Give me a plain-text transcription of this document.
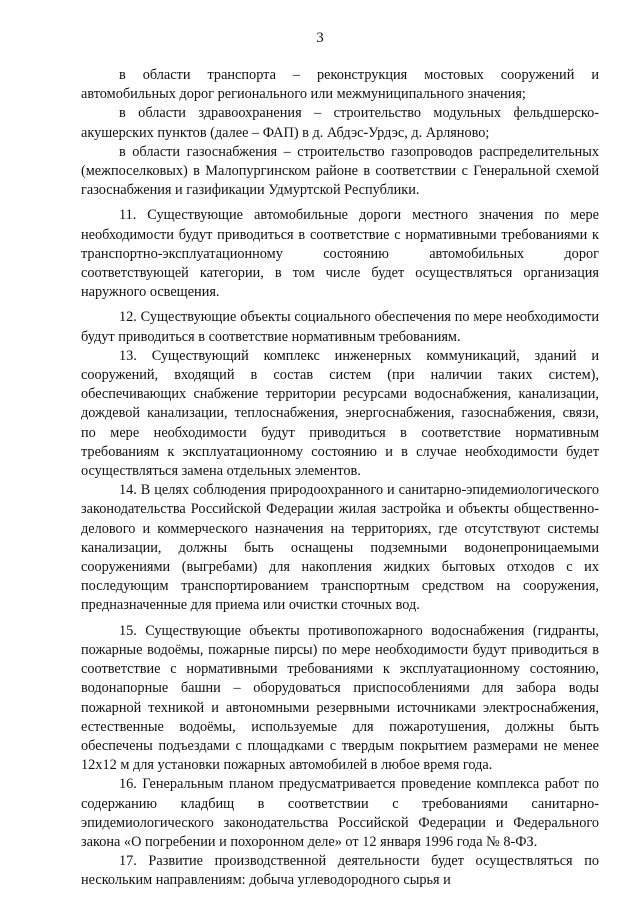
3

в области транспорта – реконструкция мостовых сооружений и автомобильных дорог регионального или межмуниципального значения;

в области здравоохранения – строительство модульных фельдшерско-акушерских пунктов (далее – ФАП) в д. Абдэс-Урдэс, д. Арляново;

в области газоснабжения – строительство газопроводов распределительных (межпоселковых) в Малопургинском районе в соответствии с Генеральной схемой газоснабжения и газификации Удмуртской Республики.

11. Существующие автомобильные дороги местного значения по мере необходимости будут приводиться в соответствие с нормативными требованиями к транспортно-эксплуатационному состоянию автомобильных дорог соответствующей категории, в том числе будет осуществляться организация наружного освещения.

12. Существующие объекты социального обеспечения по мере необходимости будут приводиться в соответствие нормативным требованиям.

13. Существующий комплекс инженерных коммуникаций, зданий и сооружений, входящий в состав систем (при наличии таких систем), обеспечивающих снабжение территории ресурсами водоснабжения, канализации, дождевой канализации, теплоснабжения, энергоснабжения, газоснабжения, связи, по мере необходимости будут приводиться в соответствие нормативным требованиям к эксплуатационному состоянию и в случае необходимости будет осуществляться замена отдельных элементов.

14. В целях соблюдения природоохранного и санитарно-эпидемиологического законодательства Российской Федерации жилая застройка и объекты общественно-делового и коммерческого назначения на территориях, где отсутствуют системы канализации, должны быть оснащены подземными водонепроницаемыми сооружениями (выгребами) для накопления жидких бытовых отходов с их последующим транспортированием транспортным средством на сооружения, предназначенные для приема или очистки сточных вод.

15. Существующие объекты противопожарного водоснабжения (гидранты, пожарные водоёмы, пожарные пирсы) по мере необходимости будут приводиться в соответствие с нормативными требованиями к эксплуатационному состоянию, водонапорные башни – оборудоваться приспособлениями для забора воды пожарной техникой и автономными резервными источниками электроснабжения, естественные водоёмы, используемые для пожаротушения, должны быть обеспечены подъездами с площадками с твердым покрытием размерами не менее 12х12 м для установки пожарных автомобилей в любое время года.

16. Генеральным планом предусматривается проведение комплекса работ по содержанию кладбищ в соответствии с требованиями санитарно-эпидемиологического законодательства Российской Федерации и Федерального закона «О погребении и похоронном деле» от 12 января 1996 года № 8-ФЗ.

17. Развитие производственной деятельности будет осуществляться по нескольким направлениям: добыча углеводородного сырья и
